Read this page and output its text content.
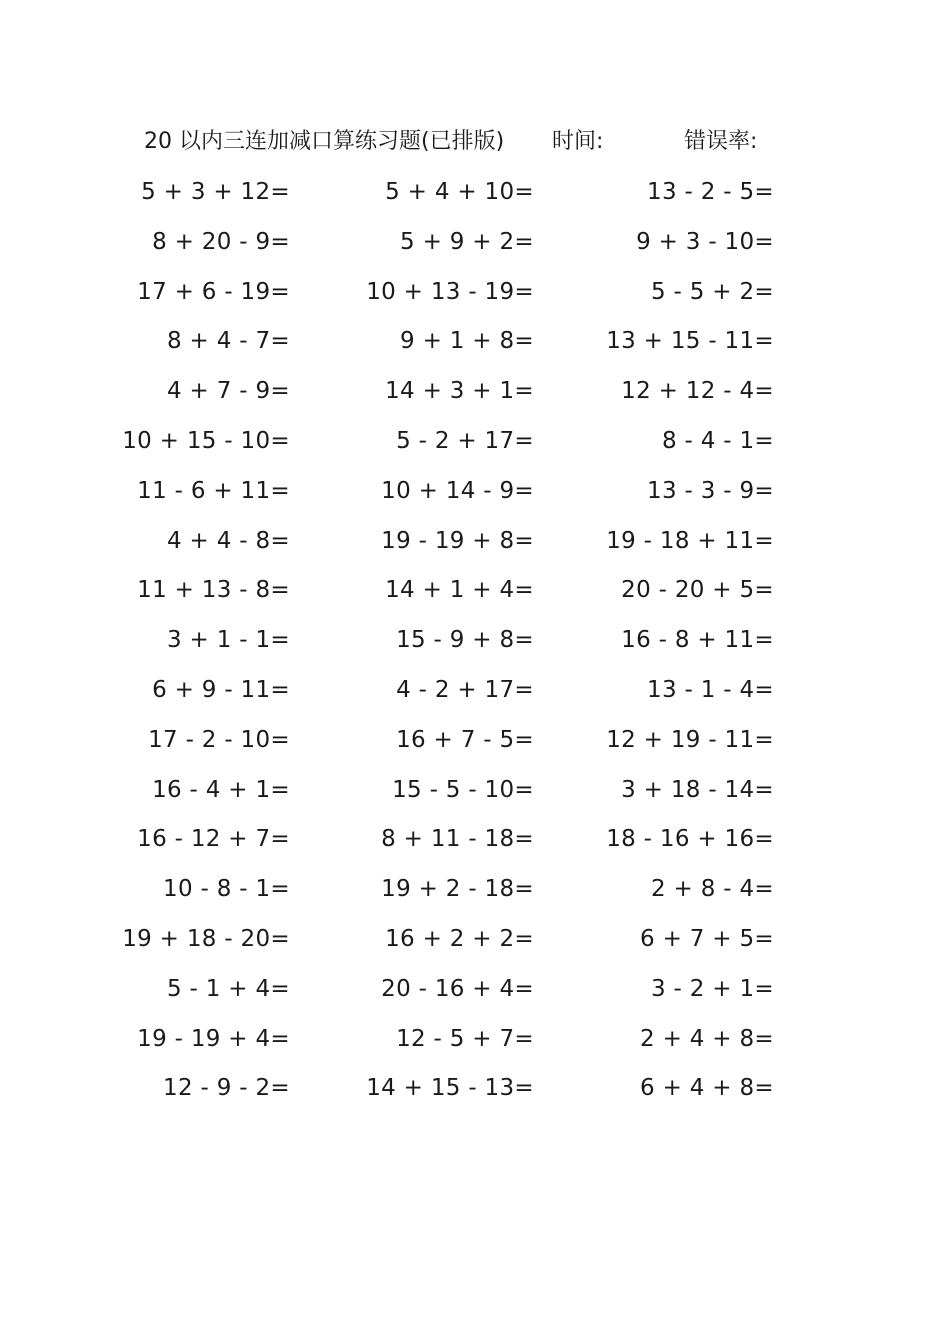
20 以内三连加减口算练习题(已排版) 时间:	错误率:
5 + 3 + 12=	5 + 4 + 10=	13 - 2 - 5=
8 + 20 - 9=	5 + 9 + 2=	9 + 3 - 10=
17 + 6 - 19=	10 + 13 - 19=	5 - 5 + 2=
8 + 4 - 7=	9 + 1 + 8=	13 + 15 - 11=
4 + 7 - 9=	14 + 3 + 1=	12 + 12 - 4=
10 + 15 - 10=	5 - 2 + 17=	8 - 4 - 1=
11 - 6 + 11=	10 + 14 - 9=	13 - 3 - 9=
4 + 4 - 8=	19 - 19 + 8=	19 - 18 + 11=
11 + 13 - 8=	14 + 1 + 4=	20 - 20 + 5=
3 + 1 - 1=	15 - 9 + 8=	16 - 8 + 11=
6 + 9 - 11=	4 - 2 + 17=	13 - 1 - 4=
17 - 2 - 10=	16 + 7 - 5=	12 + 19 - 11=
16 - 4 + 1=	15 - 5 - 10=	3 + 18 - 14=
16 - 12 + 7=	8 + 11 - 18=	18 - 16 + 16=
10 - 8 - 1=	19 + 2 - 18=	2 + 8 - 4=
19 + 18 - 20=	16 + 2 + 2=	6 + 7 + 5=
5 - 1 + 4=	20 - 16 + 4=	3 - 2 + 1=
19 - 19 + 4=	12 - 5 + 7=	2 + 4 + 8=
12 - 9 - 2=	14 + 15 - 13=	6 + 4 + 8=
